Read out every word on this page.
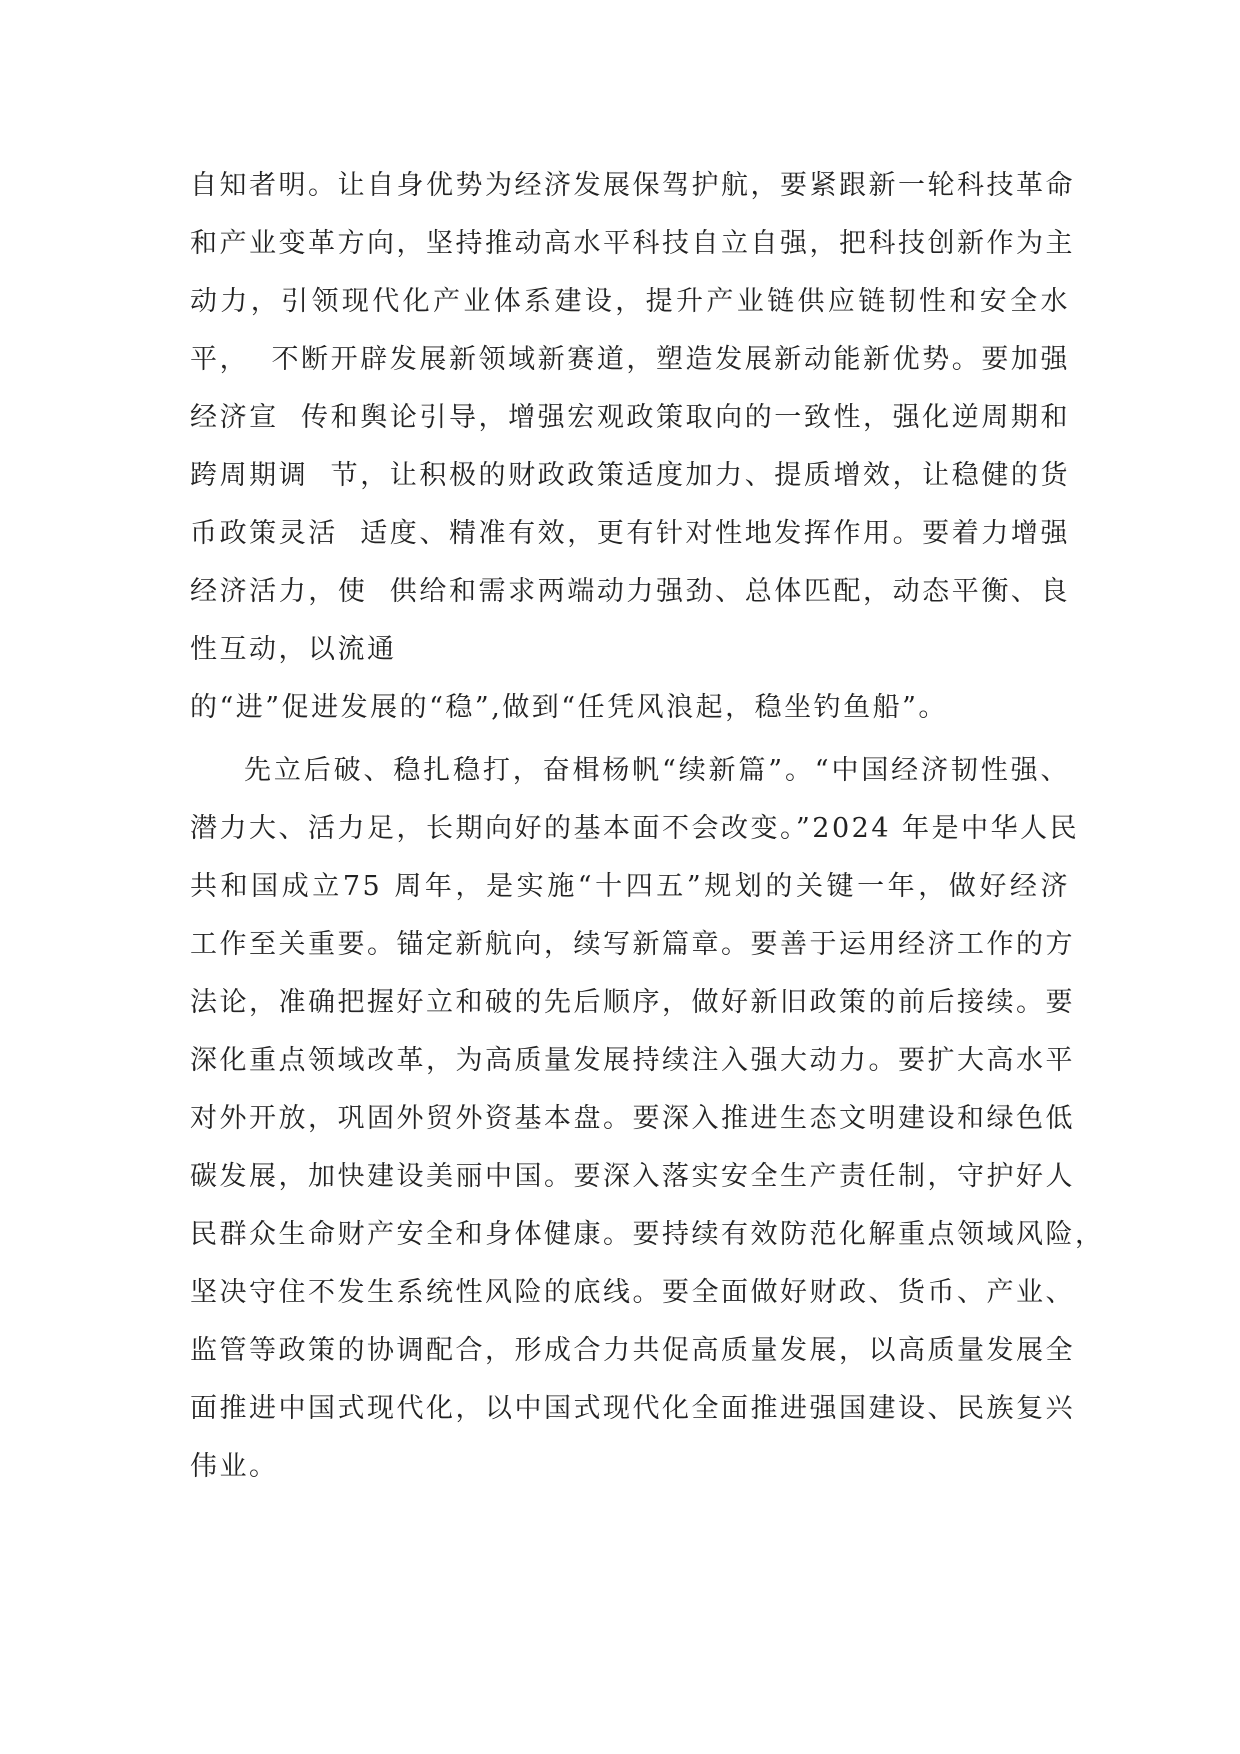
自知者明。让自身优势为经济发展保驾护航，要紧跟新一轮科技革命
和产业变革方向，坚持推动高水平科技自立自强，把科技创新作为主
动力，引领现代化产业体系建设，提升产业链供应链韧性和安全水
平，  不断开辟发展新领域新赛道，塑造发展新动能新优势。要加强
经济宣  传和舆论引导，增强宏观政策取向的一致性，强化逆周期和
跨周期调  节，让积极的财政政策适度加力、提质增效，让稳健的货
币政策灵活  适度、精准有效，更有针对性地发挥作用。要着力增强
经济活力，使  供给和需求两端动力强劲、总体匹配，动态平衡、良
性互动，以流通
的“进”促进发展的“稳”,做到“任凭风浪起，稳坐钓鱼船”。
先立后破、稳扎稳打，奋楫杨帆“续新篇”。“中国经济韧性强、
潜力大、活力足，长期向好的基本面不会改变。”2024 年是中华人民
共和国成立75 周年，是实施“十四五”规划的关键一年，做好经济
工作至关重要。锚定新航向，续写新篇章。要善于运用经济工作的方
法论，准确把握好立和破的先后顺序，做好新旧政策的前后接续。要
深化重点领域改革，为高质量发展持续注入强大动力。要扩大高水平
对外开放，巩固外贸外资基本盘。要深入推进生态文明建设和绿色低
碳发展，加快建设美丽中国。要深入落实安全生产责任制，守护好人
民群众生命财产安全和身体健康。要持续有效防范化解重点领域风险，
坚决守住不发生系统性风险的底线。要全面做好财政、货币、产业、
监管等政策的协调配合，形成合力共促高质量发展，以高质量发展全
面推进中国式现代化，以中国式现代化全面推进强国建设、民族复兴
伟业。
